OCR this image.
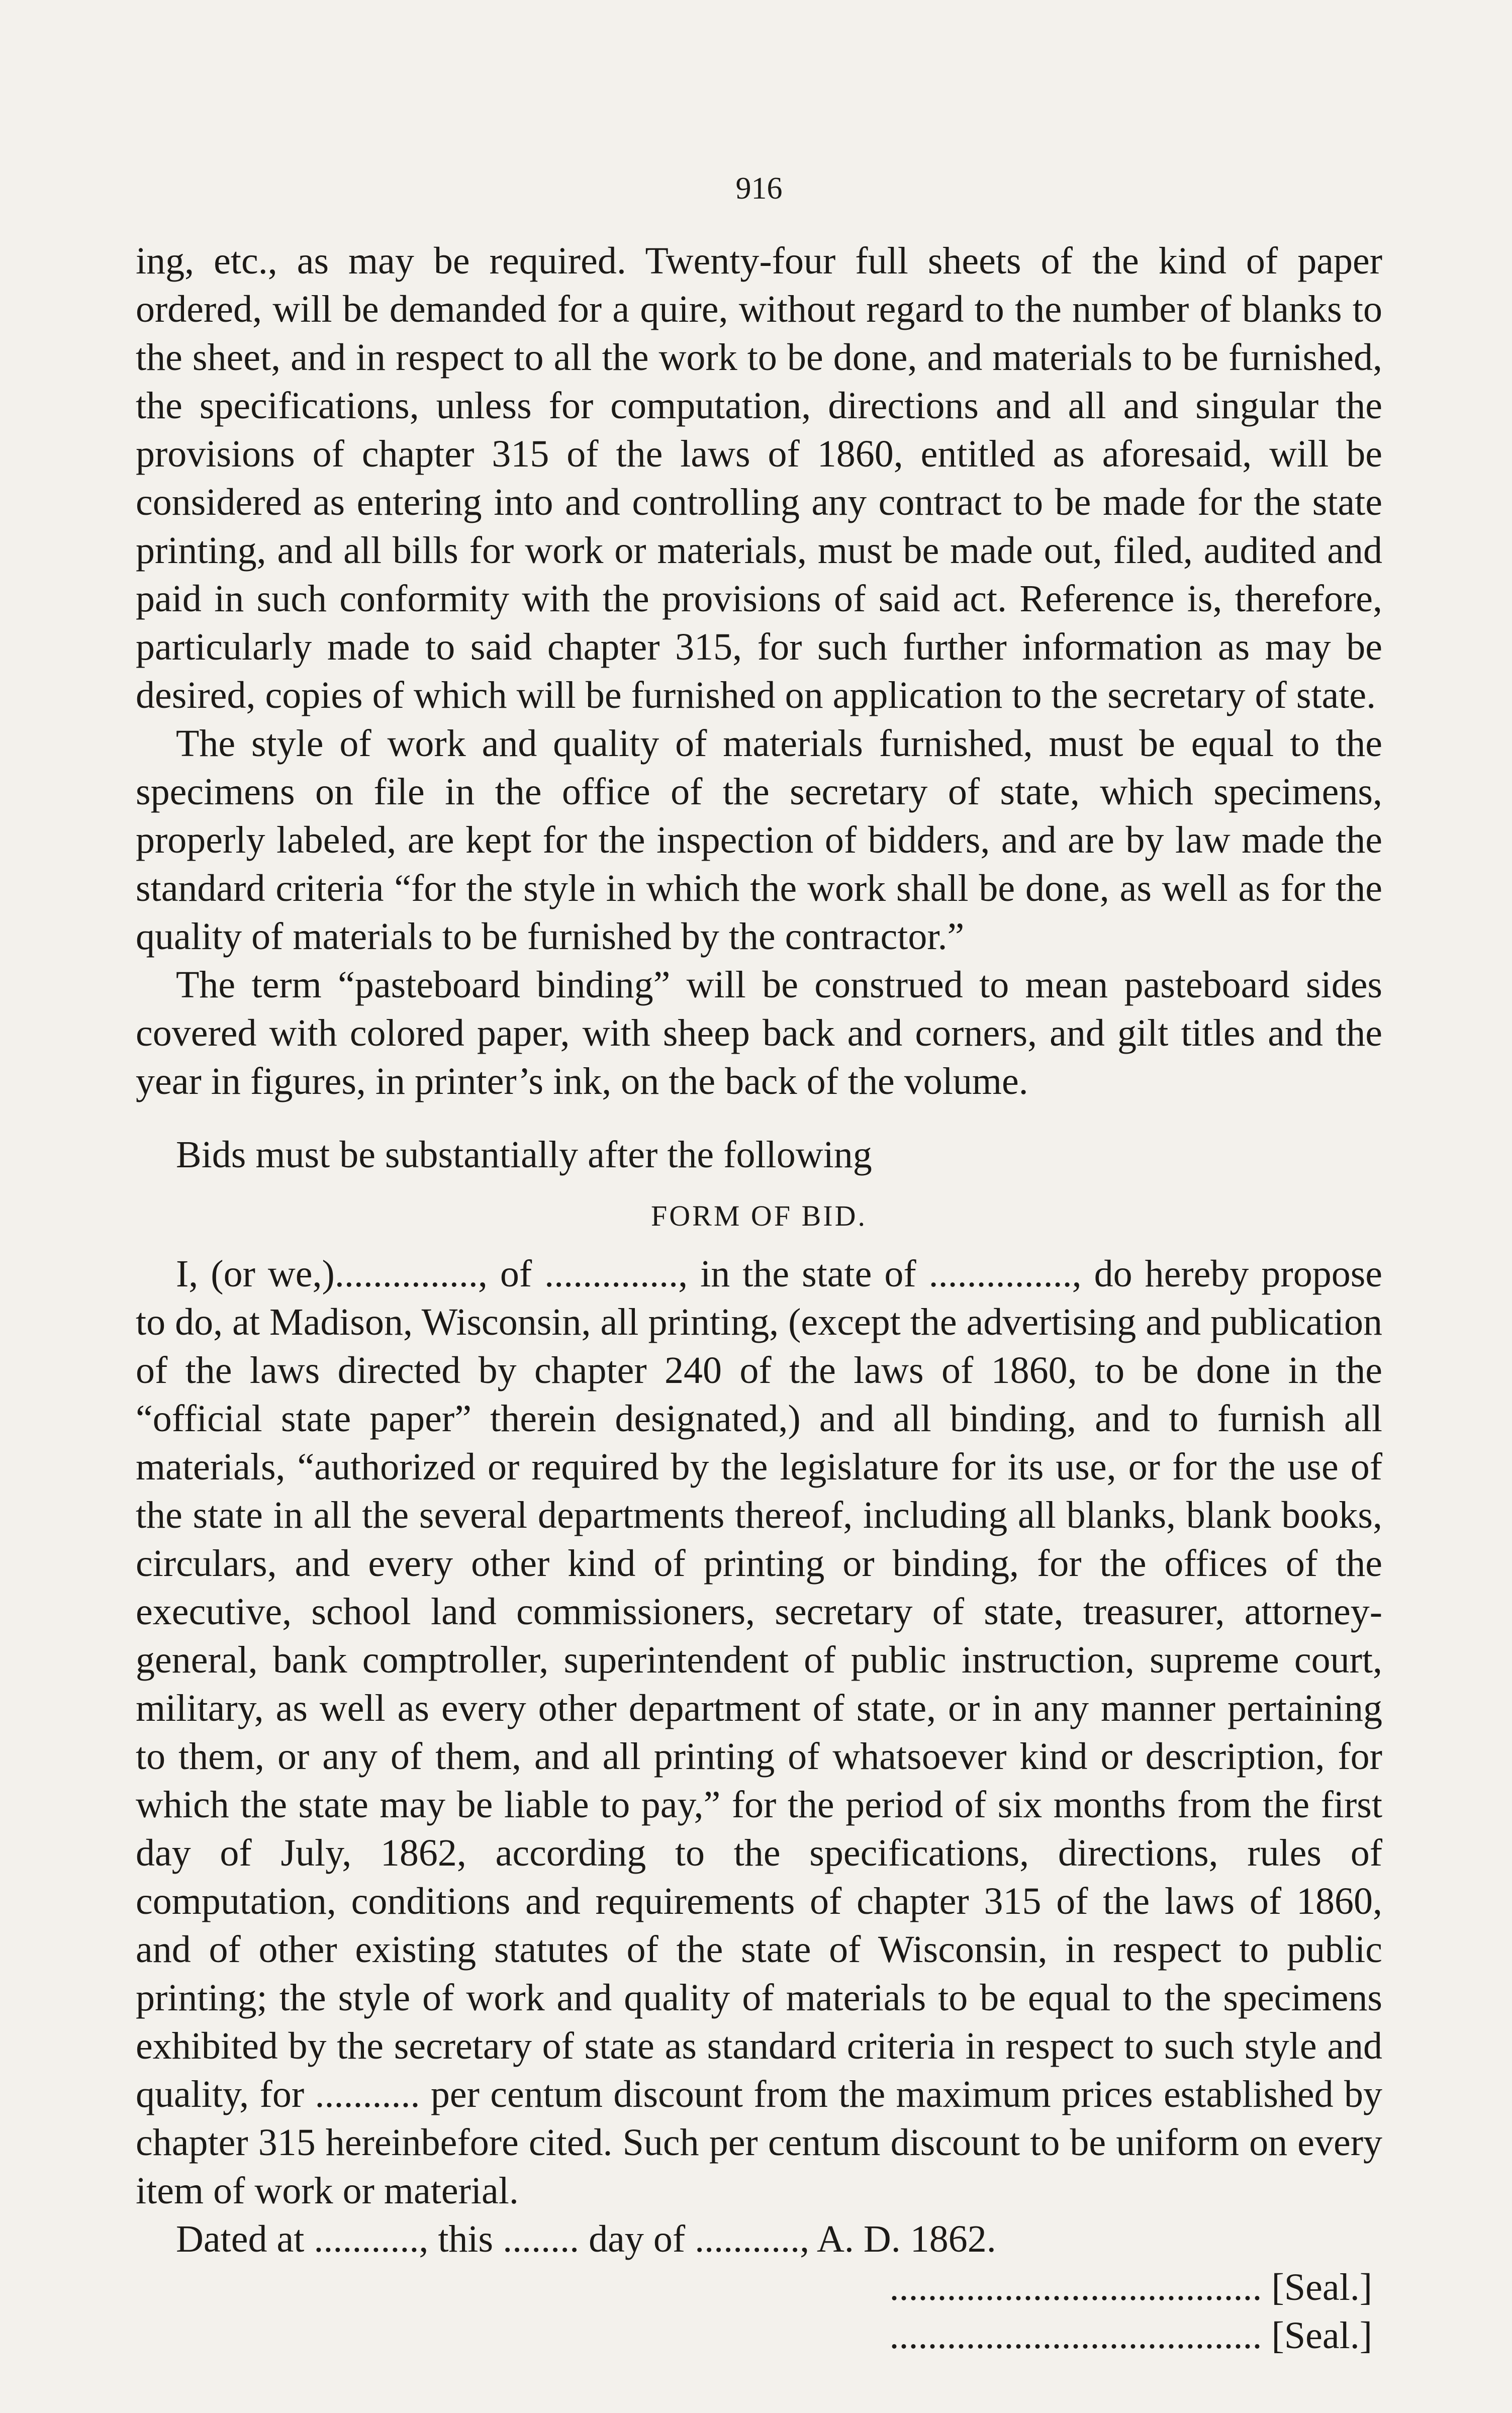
916

ing, etc., as may be required. Twenty-four full sheets of the kind of paper ordered, will be demanded for a quire, without regard to the number of blanks to the sheet, and in respect to all the work to be done, and materials to be furnished, the specifications, unless for computation, directions and all and singular the provisions of chapter 315 of the laws of 1860, entitled as aforesaid, will be considered as entering into and controlling any contract to be made for the state printing, and all bills for work or materials, must be made out, filed, audited and paid in such conformity with the provisions of said act. Reference is, therefore, particularly made to said chapter 315, for such further information as may be desired, copies of which will be furnished on application to the secretary of state.

The style of work and quality of materials furnished, must be equal to the specimens on file in the office of the secretary of state, which specimens, properly labeled, are kept for the inspection of bidders, and are by law made the standard criteria “for the style in which the work shall be done, as well as for the quality of materials to be furnished by the contractor.”

The term “pasteboard binding” will be construed to mean pasteboard sides covered with colored paper, with sheep back and corners, and gilt titles and the year in figures, in printer’s ink, on the back of the volume.

Bids must be substantially after the following

FORM OF BID.

I, (or we,)..............., of .............., in the state of ..............., do hereby propose to do, at Madison, Wisconsin, all printing, (except the advertising and publication of the laws directed by chapter 240 of the laws of 1860, to be done in the “official state paper” therein designated,) and all binding, and to furnish all materials, “authorized or required by the legislature for its use, or for the use of the state in all the several departments thereof, including all blanks, blank books, circulars, and every other kind of printing or binding, for the offices of the executive, school land commissioners, secretary of state, treasurer, attorney-general, bank comptroller, superintendent of public instruction, supreme court, military, as well as every other department of state, or in any manner pertaining to them, or any of them, and all printing of whatsoever kind or description, for which the state may be liable to pay,” for the period of six months from the first day of July, 1862, according to the specifications, directions, rules of computation, conditions and requirements of chapter 315 of the laws of 1860, and of other existing statutes of the state of Wisconsin, in respect to public printing; the style of work and quality of materials to be equal to the specimens exhibited by the secretary of state as standard criteria in respect to such style and quality, for ........... per centum discount from the maximum prices established by chapter 315 hereinbefore cited. Such per centum discount to be uniform on every item of work or material.

Dated at ..........., this ........ day of ..........., A. D. 1862.
....................................... [Seal.]
....................................... [Seal.]
